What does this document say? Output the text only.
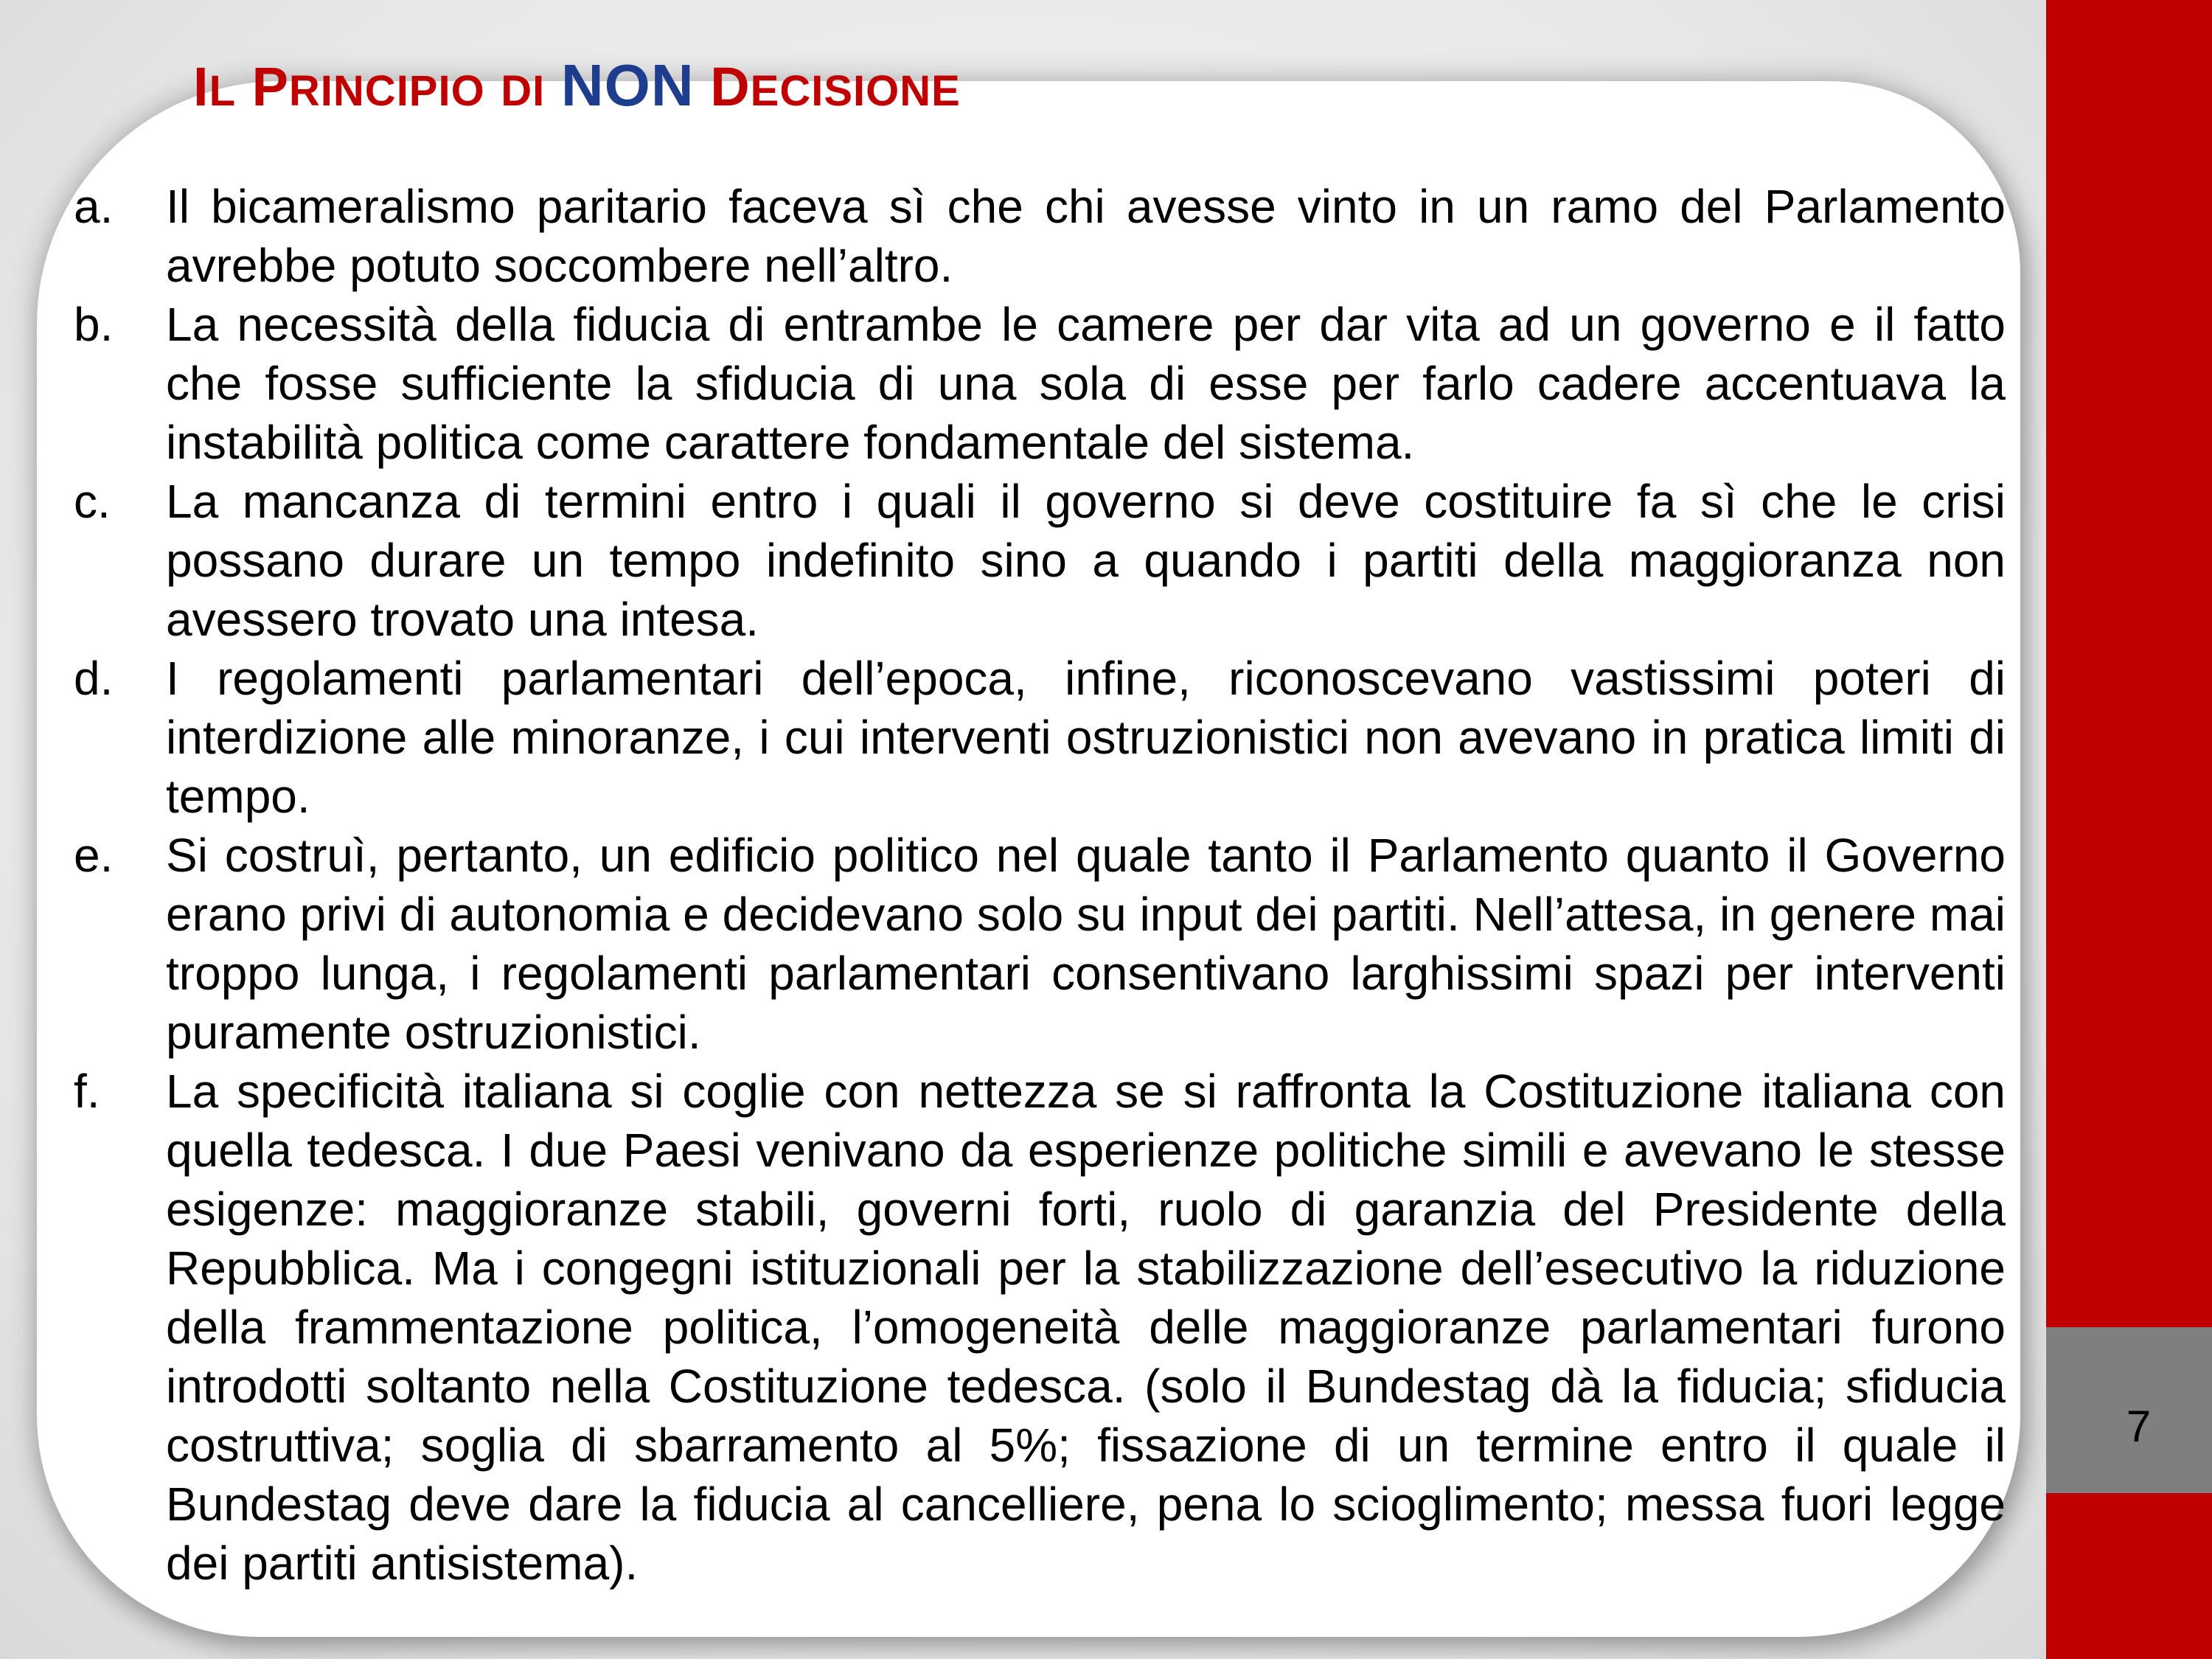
7
IL PRINCIPIO DI NON DECISIONE
a.	Il bicameralismo paritario faceva sì che chi avesse vinto in un ramo del Parlamento avrebbe potuto soccombere nell’altro.
b.	La necessità della fiducia di entrambe le camere per dar vita ad un governo e il fatto che fosse sufficiente la sfiducia di una sola di esse per farlo cadere accentuava la instabilità politica come carattere fondamentale del sistema.
c.	La mancanza di termini entro i quali il governo si deve costituire fa sì che le crisi possano durare un tempo indefinito sino a quando i partiti della maggioranza non avessero trovato una intesa.
d.	I regolamenti parlamentari dell’epoca, infine, riconoscevano vastissimi poteri di interdizione alle minoranze, i cui interventi ostruzionistici non avevano in pratica limiti di tempo.
e.	Si costruì, pertanto, un edificio politico nel quale tanto il Parlamento quanto il Governo erano privi di autonomia e decidevano solo su input dei partiti. Nell’attesa, in genere mai troppo lunga, i regolamenti parlamentari consentivano larghissimi spazi per interventi puramente ostruzionistici.
f.	La specificità italiana si coglie con nettezza se si raffronta la Costituzione italiana con quella tedesca. I due Paesi venivano da esperienze politiche simili e avevano le stesse esigenze: maggioranze stabili, governi forti, ruolo di garanzia del Presidente della Repubblica. Ma i congegni istituzionali per la stabilizzazione dell’esecutivo la riduzione della frammentazione politica, l’omogeneità delle maggioranze parlamentari furono introdotti soltanto nella Costituzione tedesca. (solo il Bundestag dà la fiducia; sfiducia costruttiva; soglia di sbarramento al 5%; fissazione di un termine entro il quale il Bundestag deve dare la fiducia al cancelliere, pena lo scioglimento; messa fuori legge dei partiti antisistema).
